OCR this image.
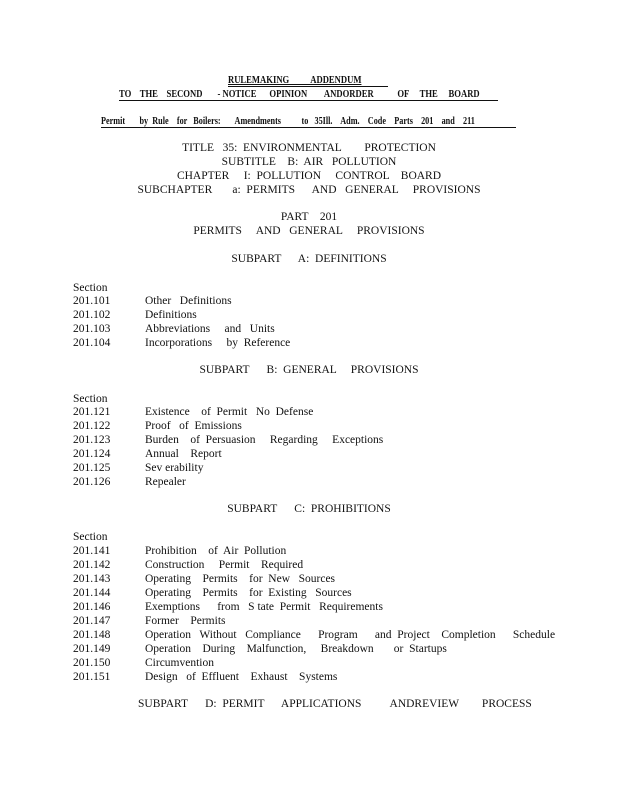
RULEMAKING          ADDENDUM
TO    THE    SECOND       - NOTICE      OPINION        ANDORDER           OF     THE     BOARD
Permit       by  Rule    for   Boilers:       Amendments          to   35Ill.    Adm.    Code    Parts    201    and    211
TITLE   35:  ENVIRONMENTAL        PROTECTION
SUBTITLE    B:  AIR   POLLUTION
CHAPTER     I:  POLLUTION     CONTROL    BOARD
SUBCHAPTER       a:  PERMITS      AND   GENERAL     PROVISIONS
PART    201
PERMITS     AND   GENERAL     PROVISIONS
SUBPART      A:  DEFINITIONS
Section
201.101	Other   Definitions
201.102	Definitions
201.103	Abbreviations     and   Units
201.104	Incorporations     by  Reference
SUBPART      B:  GENERAL     PROVISIONS
Section
201.121	Existence    of  Permit   No  Defense
201.122	Proof   of  Emissions
201.123	Burden    of  Persuasion     Regarding     Exceptions
201.124	Annual    Report
201.125	Sev erability
201.126	Repealer
SUBPART      C:  PROHIBITIONS
Section
201.141	Prohibition    of  Air  Pollution
201.142	Construction     Permit    Required
201.143	Operating    Permits    for  New   Sources
201.144	Operating    Permits    for  Existing   Sources
201.146	Exemptions      from   S tate  Permit   Requirements
201.147	Former    Permits
201.148	Operation   Without   Compliance      Program      and  Project    Completion      Schedule
201.149	Operation    During    Malfunction,     Breakdown       or  Startups
201.150	Circumvention
201.151	Design   of  Effluent    Exhaust    Systems
SUBPART      D:  PERMIT      APPLICATIONS          ANDREVIEW        PROCESS
